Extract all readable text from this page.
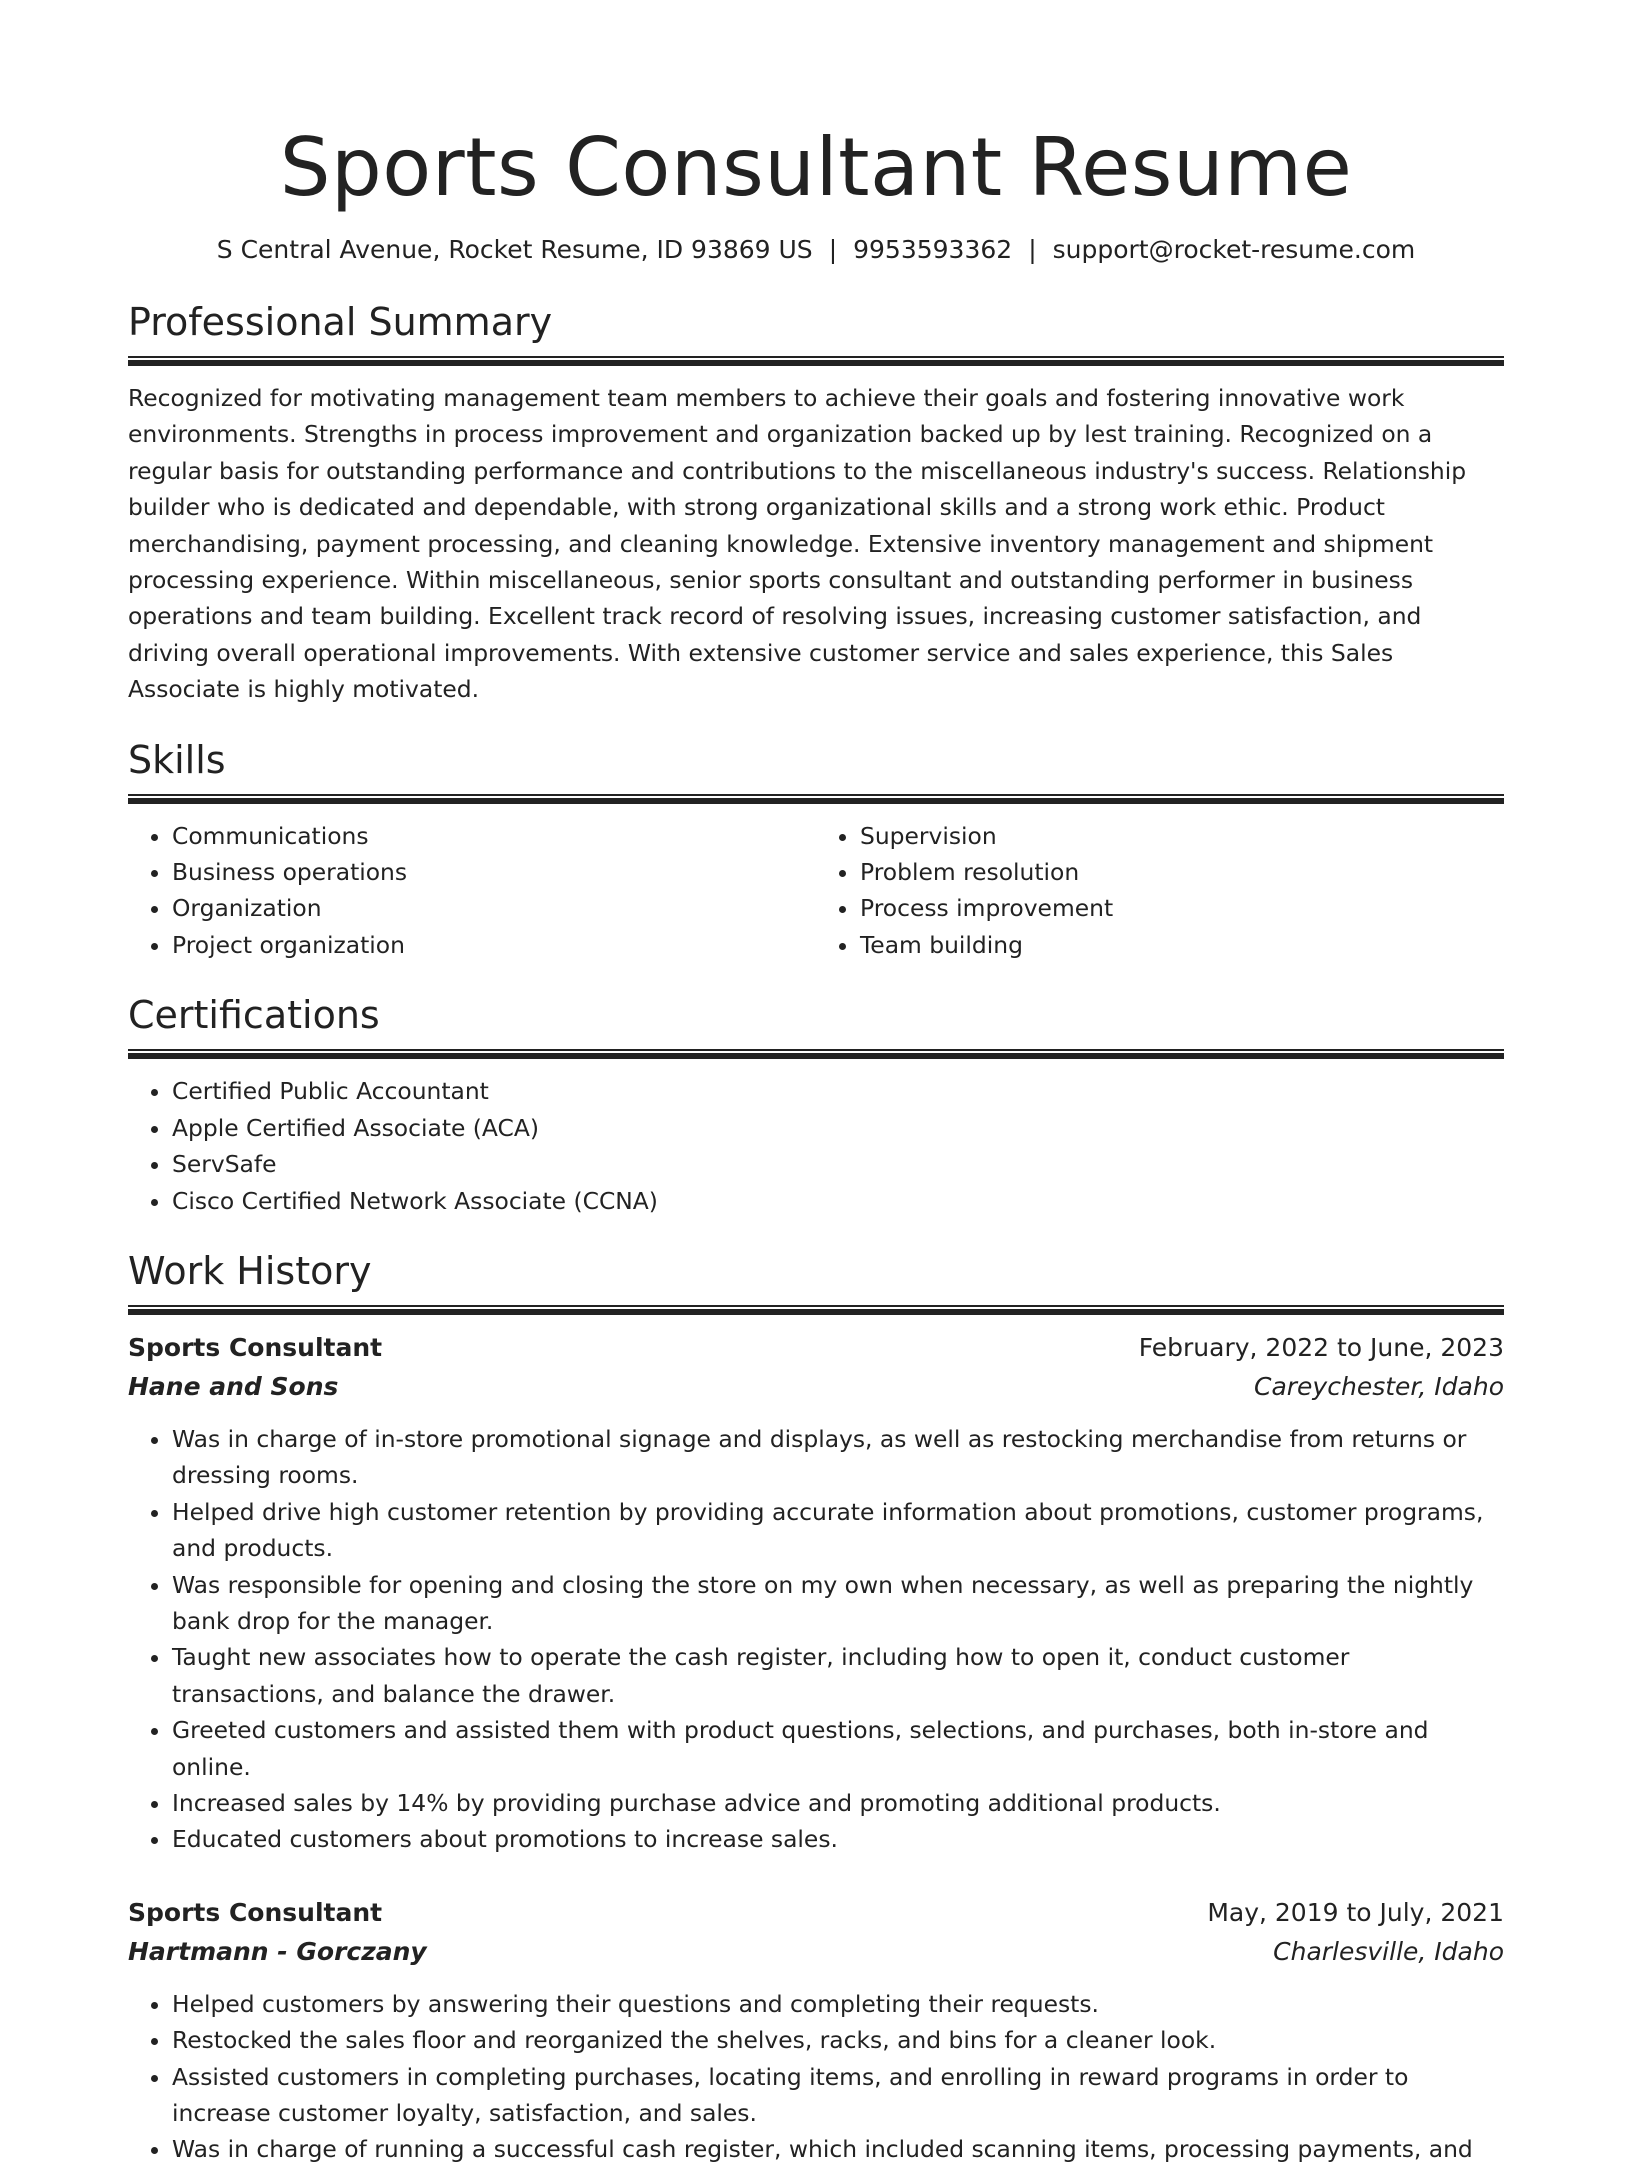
Sports Consultant Resume
S Central Avenue, Rocket Resume, ID 93869 US | 9953593362 | support@rocket-resume.com
Professional Summary
Recognized for motivating management team members to achieve their goals and fostering innovative work environments. Strengths in process improvement and organization backed up by lest training. Recognized on a regular basis for outstanding performance and contributions to the miscellaneous industry's success. Relationship builder who is dedicated and dependable, with strong organizational skills and a strong work ethic. Product merchandising, payment processing, and cleaning knowledge. Extensive inventory management and shipment processing experience. Within miscellaneous, senior sports consultant and outstanding performer in business operations and team building. Excellent track record of resolving issues, increasing customer satisfaction, and driving overall operational improvements. With extensive customer service and sales experience, this Sales Associate is highly motivated.
Skills
• Communications
• Business operations
• Organization
• Project organization
• Supervision
• Problem resolution
• Process improvement
• Team building
Certifications
• Certified Public Accountant
• Apple Certified Associate (ACA)
• ServSafe
• Cisco Certified Network Associate (CCNA)
Work History
Sports Consultant	February, 2022 to June, 2023
Hane and Sons	Careychester, Idaho
• Was in charge of in-store promotional signage and displays, as well as restocking merchandise from returns or dressing rooms.
• Helped drive high customer retention by providing accurate information about promotions, customer programs, and products.
• Was responsible for opening and closing the store on my own when necessary, as well as preparing the nightly bank drop for the manager.
• Taught new associates how to operate the cash register, including how to open it, conduct customer transactions, and balance the drawer.
• Greeted customers and assisted them with product questions, selections, and purchases, both in-store and online.
• Increased sales by 14% by providing purchase advice and promoting additional products.
• Educated customers about promotions to increase sales.
Sports Consultant	May, 2019 to July, 2021
Hartmann - Gorczany	Charlesville, Idaho
• Helped customers by answering their questions and completing their requests.
• Restocked the sales floor and reorganized the shelves, racks, and bins for a cleaner look.
• Assisted customers in completing purchases, locating items, and enrolling in reward programs in order to increase customer loyalty, satisfaction, and sales.
• Was in charge of running a successful cash register, which included scanning items, processing payments, and
